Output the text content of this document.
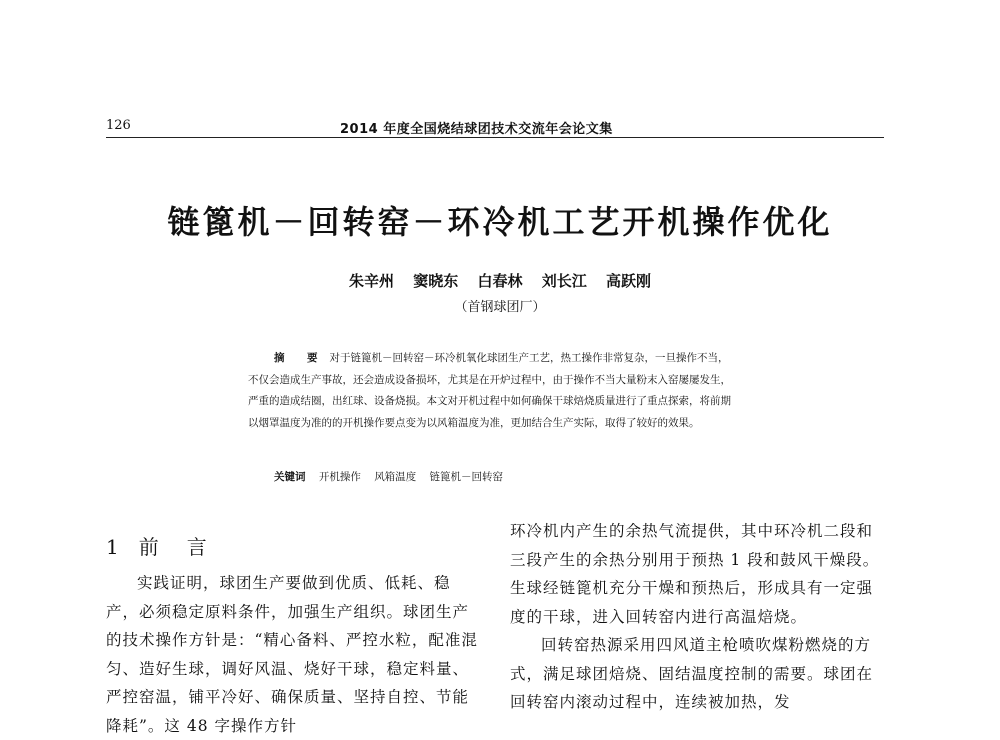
126	2014 年度全国烧结球团技术交流年会论文集
链篦机－回转窑－环冷机工艺开机操作优化
朱辛州 窦晓东 白春林 刘长江 高跃刚
（首钢球团厂）
摘　要 对于链篦机－回转窑－环冷机氧化球团生产工艺，热工操作非常复杂，一旦操作不当，不仅会造成生产事故，还会造成设备损坏，尤其是在开炉过程中，由于操作不当大量粉末入窑屡屡发生，严重的造成结圈，出红球、设备烧损。本文对开机过程中如何确保干球焙烧质量进行了重点探索，将前期以烟罩温度为准的的开机操作要点变为以风箱温度为准，更加结合生产实际，取得了较好的效果。
关键词 开机操作 风箱温度 链篦机－回转窑
1 前言

实践证明，球团生产要做到优质、低耗、稳产，必须稳定原料条件，加强生产组织。球团生产的技术操作方针是：“精心备料、严控水粒，配准混匀、造好生球，调好风温、烧好干球，稳定料量、严控窑温，铺平冷好、确保质量、坚持自控、节能降耗”。这 48 字操作方针

环冷机内产生的余热气流提供，其中环冷机二段和三段产生的余热分别用于预热 1 段和鼓风干燥段。生球经链篦机充分干燥和预热后，形成具有一定强度的干球，进入回转窑内进行高温焙烧。

回转窑热源采用四风道主枪喷吹煤粉燃烧的方式，满足球团焙烧、固结温度控制的需要。球团在回转窑内滚动过程中，连续被加热，发
